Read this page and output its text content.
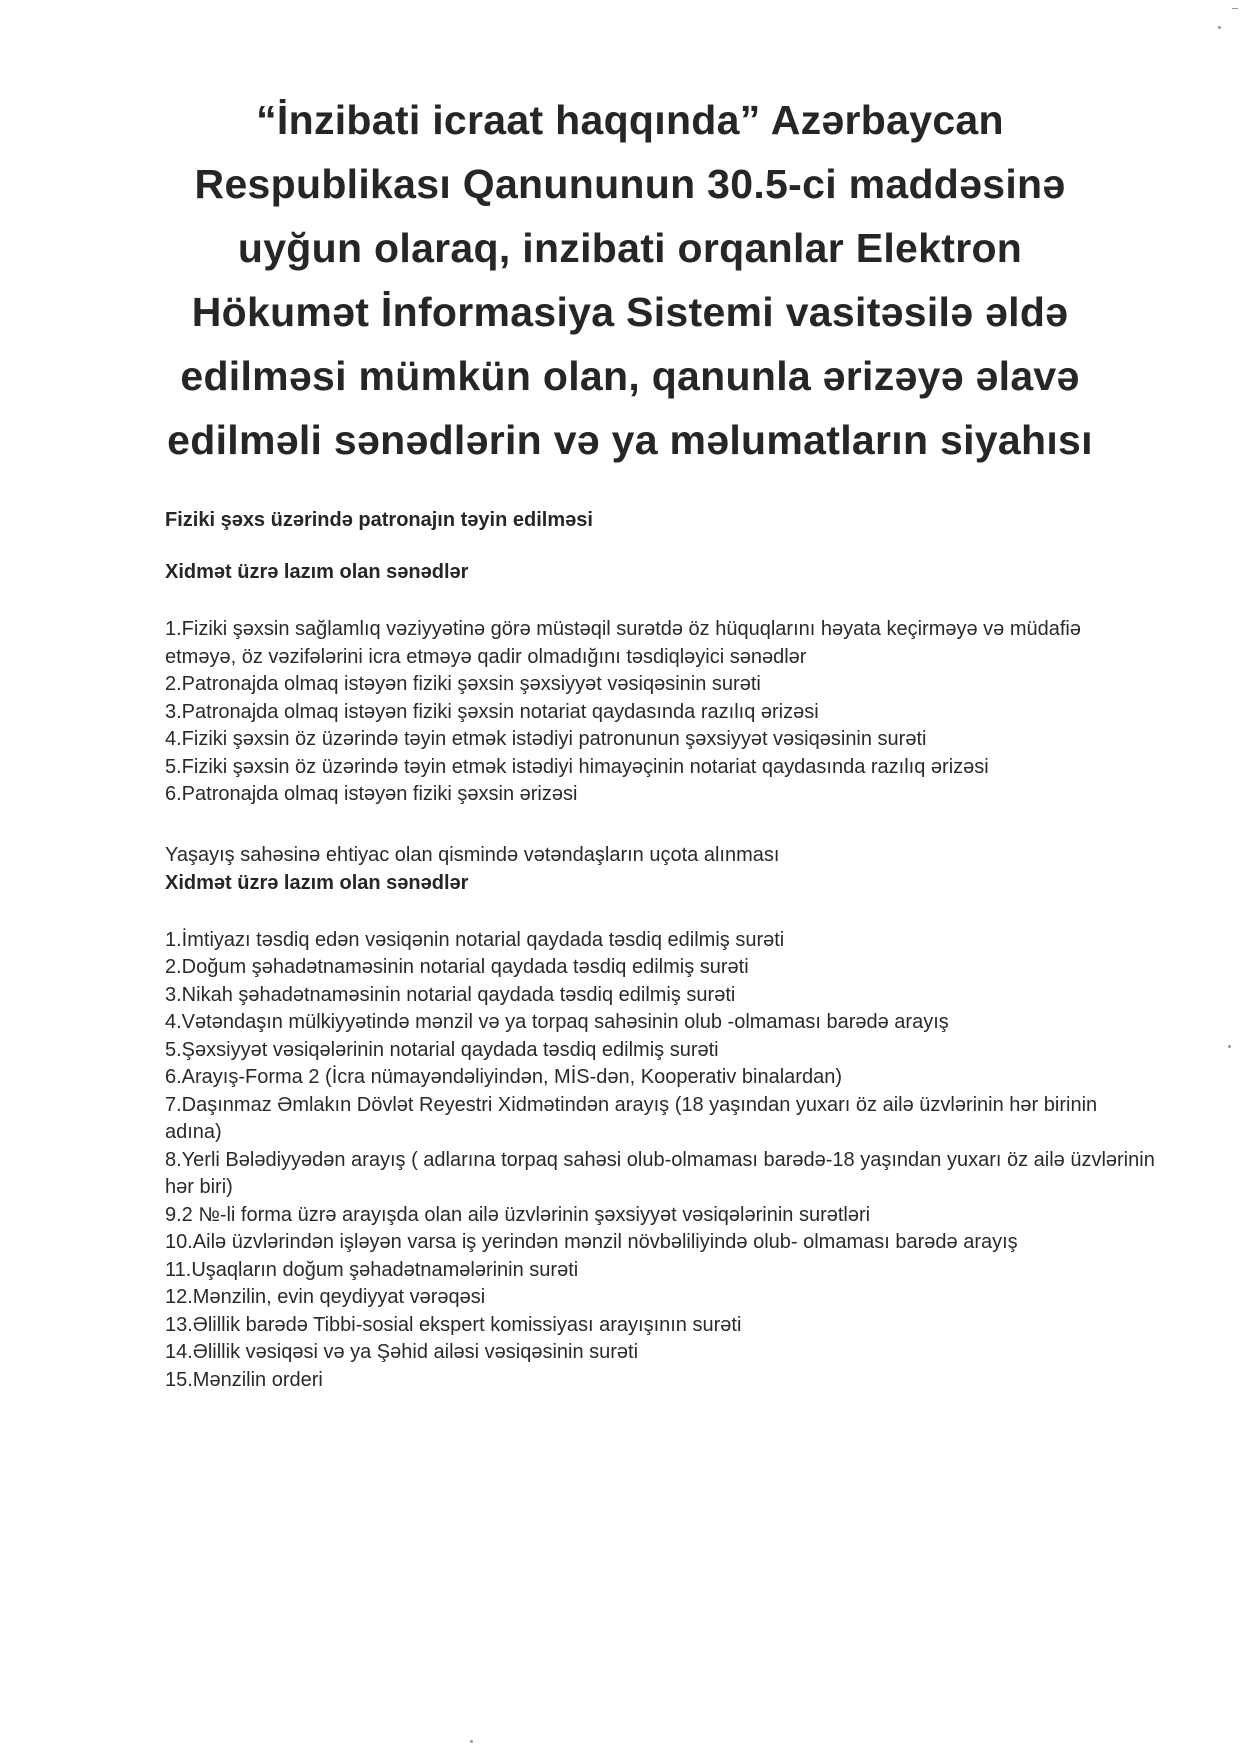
“İnzibati icraat haqqında” Azərbaycan Respublikası Qanununun 30.5-ci maddəsinə uyğun olaraq, inzibati orqanlar Elektron Hökumət İnformasiya Sistemi vasitəsilə əldə edilməsi mümkün olan, qanunla ərizəyə əlavə edilməli sənədlərin və ya məlumatların siyahısı

Fiziki şəxs üzərində patronajın təyin edilməsi

Xidmət üzrə lazım olan sənədlər

1.Fiziki şəxsin sağlamlıq vəziyyətinə görə müstəqil surətdə öz hüquqlarını həyata keçirməyə və müdafiə etməyə, öz vəzifələrini icra etməyə qadir olmadığını təsdiqləyici sənədlər
2.Patronajda olmaq istəyən fiziki şəxsin şəxsiyyət vəsiqəsinin surəti
3.Patronajda olmaq istəyən fiziki şəxsin notariat qaydasında razılıq ərizəsi
4.Fiziki şəxsin öz üzərində təyin etmək istədiyi patronunun şəxsiyyət vəsiqəsinin surəti
5.Fiziki şəxsin öz üzərində təyin etmək istədiyi himayəçinin notariat qaydasında razılıq ərizəsi
6.Patronajda olmaq istəyən fiziki şəxsin ərizəsi

Yaşayış sahəsinə ehtiyac olan qismində vətəndaşların uçota alınması

Xidmət üzrə lazım olan sənədlər

1.İmtiyazı təsdiq edən vəsiqənin notarial qaydada təsdiq edilmiş surəti
2.Doğum şəhadətnaməsinin notarial qaydada təsdiq edilmiş surəti
3.Nikah şəhadətnaməsinin notarial qaydada təsdiq edilmiş surəti
4.Vətəndaşın mülkiyyətində mənzil və ya torpaq sahəsinin olub -olmaması barədə arayış
5.Şəxsiyyət vəsiqələrinin notarial qaydada təsdiq edilmiş surəti
6.Arayış-Forma 2 (İcra nümayəndəliyindən, MİS-dən, Kooperativ binalardan)
7.Daşınmaz Əmlakın Dövlət Reyestri Xidmətindən arayış (18 yaşından yuxarı öz ailə üzvlərinin hər birinin adına)
8.Yerli Bələdiyyədən arayış ( adlarına torpaq sahəsi olub-olmaması barədə-18 yaşından yuxarı öz ailə üzvlərinin hər biri)
9.2 №-li forma üzrə arayışda olan ailə üzvlərinin şəxsiyyət vəsiqələrinin surətləri
10.Ailə üzvlərindən işləyən varsa iş yerindən mənzil növbəliliyində olub- olmaması barədə arayış
11.Uşaqların doğum şəhadətnamələrinin surəti
12.Mənzilin, evin qeydiyyat vərəqəsi
13.Əlillik barədə Tibbi-sosial ekspert komissiyası arayışının surəti
14.Əlillik vəsiqəsi və ya Şəhid ailəsi vəsiqəsinin surəti
15.Mənzilin orderi
